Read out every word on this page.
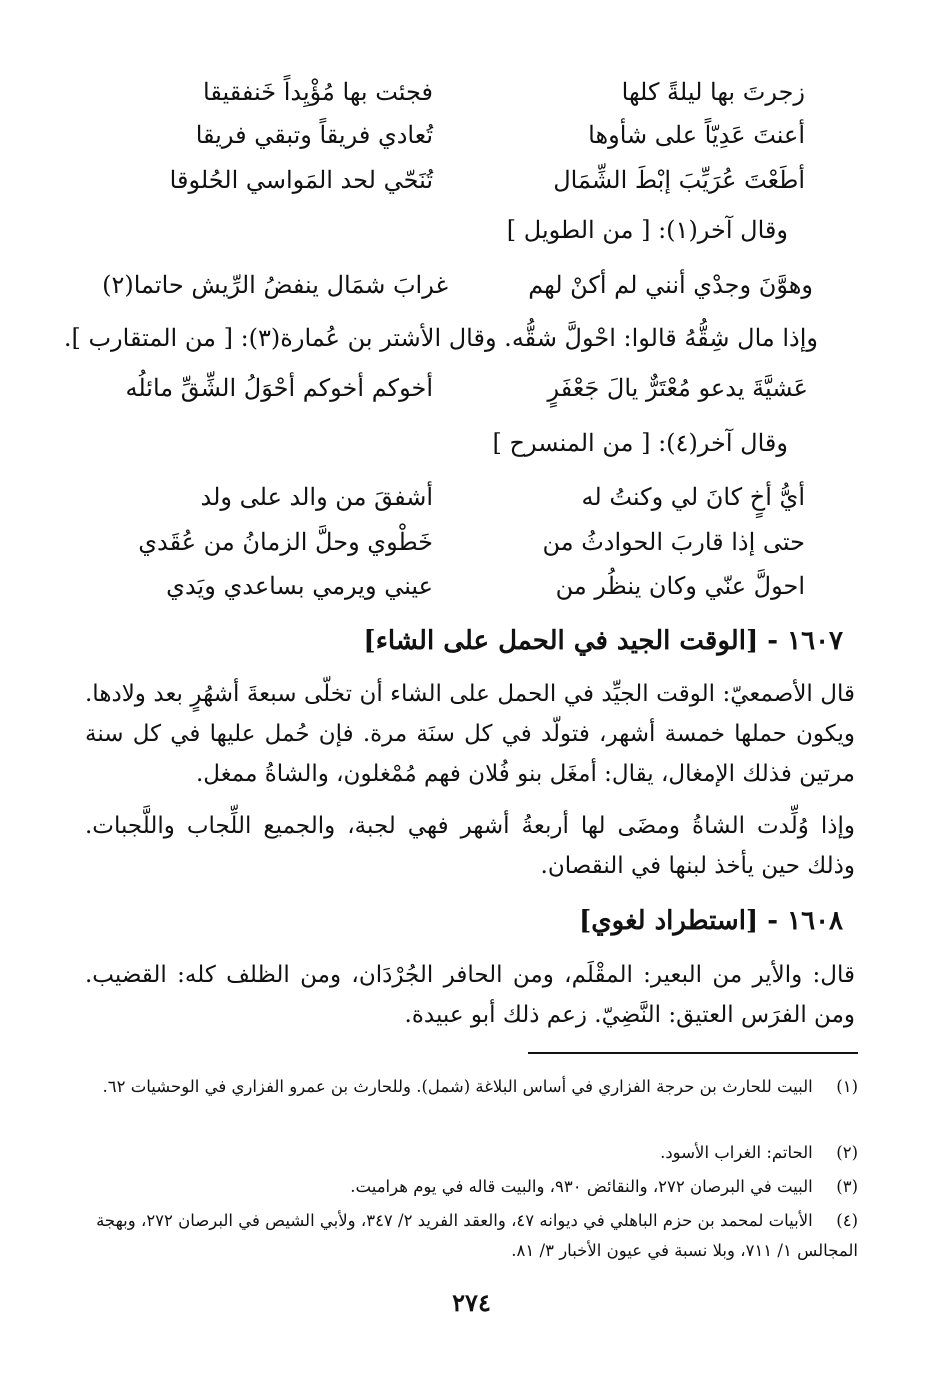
زجرتَ بها ليلةً كلها
فجئت بها مُؤْيِداً خَنفقيقا
أعنتَ عَدِيّاً على شأوها
تُعادي فريقاً وتبقي فريقا
أطَعْتَ عُرَيِّبَ إبْطَ الشِّمَال
تُنَحّي لحد المَواسي الحُلوقا
وقال آخر(١): [ من الطويل ]
وهوَّنَ وجدْي أنني لم أكنْ لهم
غرابَ شمَال ينفضُ الرِّيش حاتما(٢)
وإذا مال شِقُّهُ قالوا: احْولَّ شقُّه. وقال الأشتر بن عُمارة(٣): [ من المتقارب ].
عَشيَّةَ يدعو مُعْتَرٌّ يالَ جَعْفَرٍ
أخوكم أخوكم أحْوَلُ الشِّقِّ مائلُه
وقال آخر(٤): [ من المنسرح ]
أيُّ أخٍ كانَ لي وكنتُ له
أشفقَ من والد على ولد
حتى إذا قاربَ الحوادثُ من
خَطْوي وحلَّ الزمانُ من عُقَدي
احولَّ عنّي وكان ينظُر من
عيني ويرمي بساعدي ويَدي
١٦٠٧ - [الوقت الجيد في الحمل على الشاء]
قال الأصمعيّ: الوقت الجيِّد في الحمل على الشاء أن تخلّى سبعةَ أشهُرٍ بعد ولادها. ويكون حملها خمسة أشهر، فتولّد في كل سنَة مرة. فإن حُمل عليها في كل سنة مرتين فذلك الإمغال، يقال: أمغَل بنو فُلان فهم مُمْغلون، والشاةُ ممغل.
وإذا وُلِّدت الشاةُ ومضَى لها أربعةُ أشهر فهي لجبة، والجميع اللِّجاب واللَّجبات. وذلك حين يأخذ لبنها في النقصان.
١٦٠٨ - [استطراد لغوي]
قال: والأير من البعير: المقْلَم، ومن الحافر الجُرْدَان، ومن الظلف كله: القضيب. ومن الفرَس العتيق: النَّضِيّ. زعم ذلك أبو عبيدة.
(١) البيت للحارث بن حرجة الفزاري في أساس البلاغة (شمل). وللحارث بن عمرو الفزاري في الوحشيات ٦٢.
(٢) الحاتم: الغراب الأسود.
(٣) البيت في البرصان ٢٧٢، والنقائض ٩٣٠، والبيت قاله في يوم هراميت.
(٤) الأبيات لمحمد بن حزم الباهلي في ديوانه ٤٧، والعقد الفريد ٢/ ٣٤٧، ولأبي الشيص في البرصان ٢٧٢، وبهجة المجالس ١/ ٧١١، وبلا نسبة في عيون الأخبار ٣/ ٨١.
٢٧٤
